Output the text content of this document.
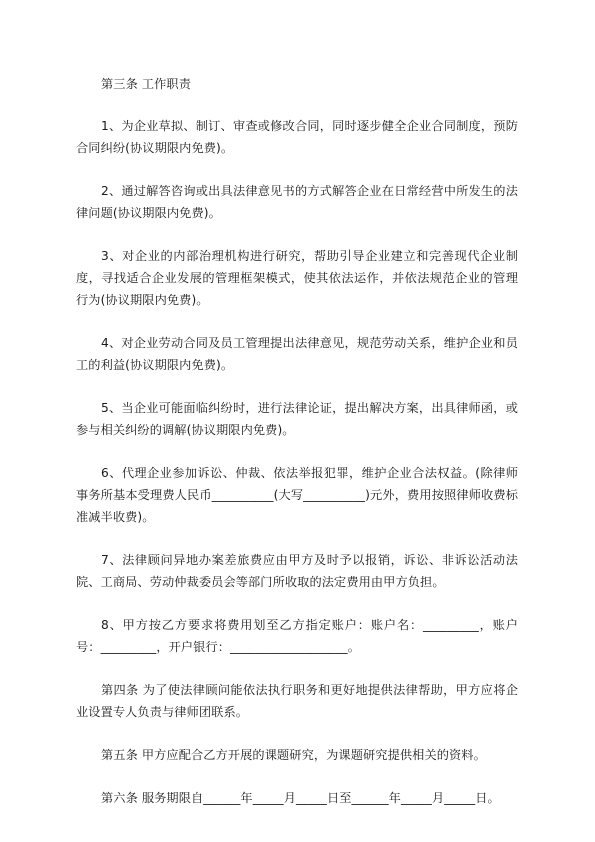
第三条 工作职责

1、为企业草拟、制订、审查或修改合同，同时逐步健全企业合同制度，预防合同纠纷(协议期限内免费)。

2、通过解答咨询或出具法律意见书的方式解答企业在日常经营中所发生的法律问题(协议期限内免费)。

3、对企业的内部治理机构进行研究，帮助引导企业建立和完善现代企业制度，寻找适合企业发展的管理框架模式，使其依法运作，并依法规范企业的管理行为(协议期限内免费)。

4、对企业劳动合同及员工管理提出法律意见，规范劳动关系，维护企业和员工的利益(协议期限内免费)。

5、当企业可能面临纠纷时，进行法律论证，提出解决方案，出具律师函，或参与相关纠纷的调解(协议期限内免费)。

6、代理企业参加诉讼、仲裁、依法举报犯罪，维护企业合法权益。(除律师事务所基本受理费人民币__________(大写__________)元外，费用按照律师收费标准减半收费)。

7、法律顾问异地办案差旅费应由甲方及时予以报销，诉讼、非诉讼活动法院、工商局、劳动仲裁委员会等部门所收取的法定费用由甲方负担。

8、甲方按乙方要求将费用划至乙方指定账户：账户名：_________，账户号：_________，开户银行：___________________。

第四条 为了使法律顾问能依法执行职务和更好地提供法律帮助，甲方应将企业设置专人负责与律师团联系。

第五条 甲方应配合乙方开展的课题研究，为课题研究提供相关的资料。

第六条 服务期限自______年_____月_____日至______年_____月_____日。
